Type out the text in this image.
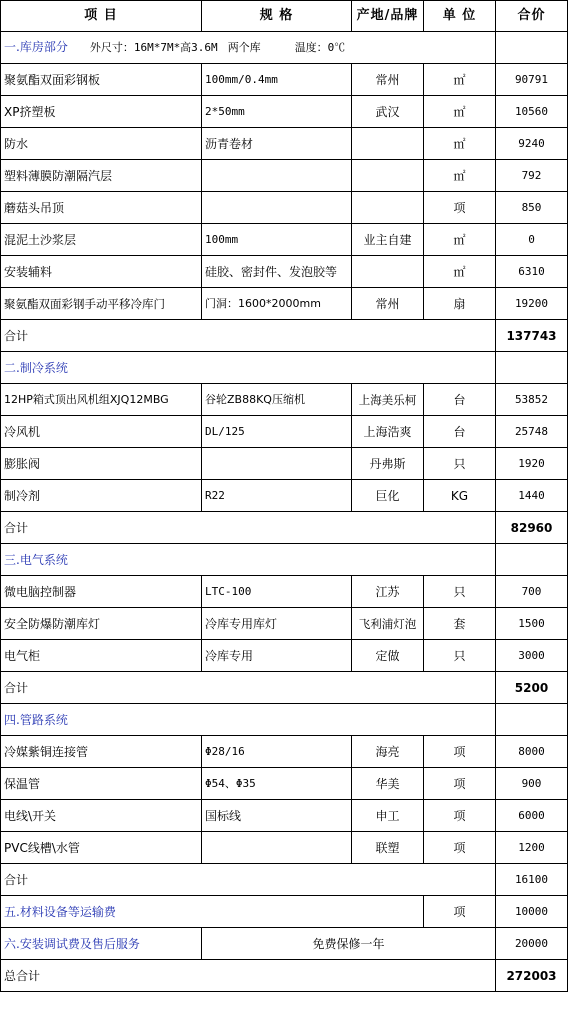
项 目	规 格	产地/品牌	单 位	合价
一.库房部分 外尺寸：16M*7M*高3.6M 两个库 温度：0℃				
聚氨酯双面彩钢板	100mm/0.4mm	常州	㎡	90791
XP挤塑板	2*50mm	武汉	㎡	10560
防水	沥青卷材		㎡	9240
塑料薄膜防潮隔汽层			㎡	792
蘑菇头吊顶			项	850
混泥土沙浆层	100mm	业主自建	㎡	0
安装辅料	硅胶、密封件、发泡胶等		㎡	6310
聚氨酯双面彩钢手动平移冷库门	门洞：1600*2000mm	常州	扇	19200
合计				137743
二.制冷系统				
12HP箱式顶出风机组XJQ12MBG	谷轮ZB88KQ压缩机	上海美乐柯	台	53852
冷风机	DL/125	上海浩爽	台	25748
膨胀阀		丹弗斯	只	1920
制冷剂	R22	巨化	KG	1440
合计				82960
三.电气系统				
微电脑控制器	LTC-100	江苏	只	700
安全防爆防潮库灯	冷库专用库灯	飞利浦灯泡	套	1500
电气柜	冷库专用	定做	只	3000
合计				5200
四.管路系统				
冷媒紫铜连接管	Φ28/16	海亮	项	8000
保温管	Φ54、Φ35	华美	项	900
电线\开关	国标线	申工	项	6000
PVC线槽\水管		联塑	项	1200
合计				16100
五.材料设备等运输费			项	10000
六.安装调试费及售后服务	免费保修一年			20000
总合计				272003
